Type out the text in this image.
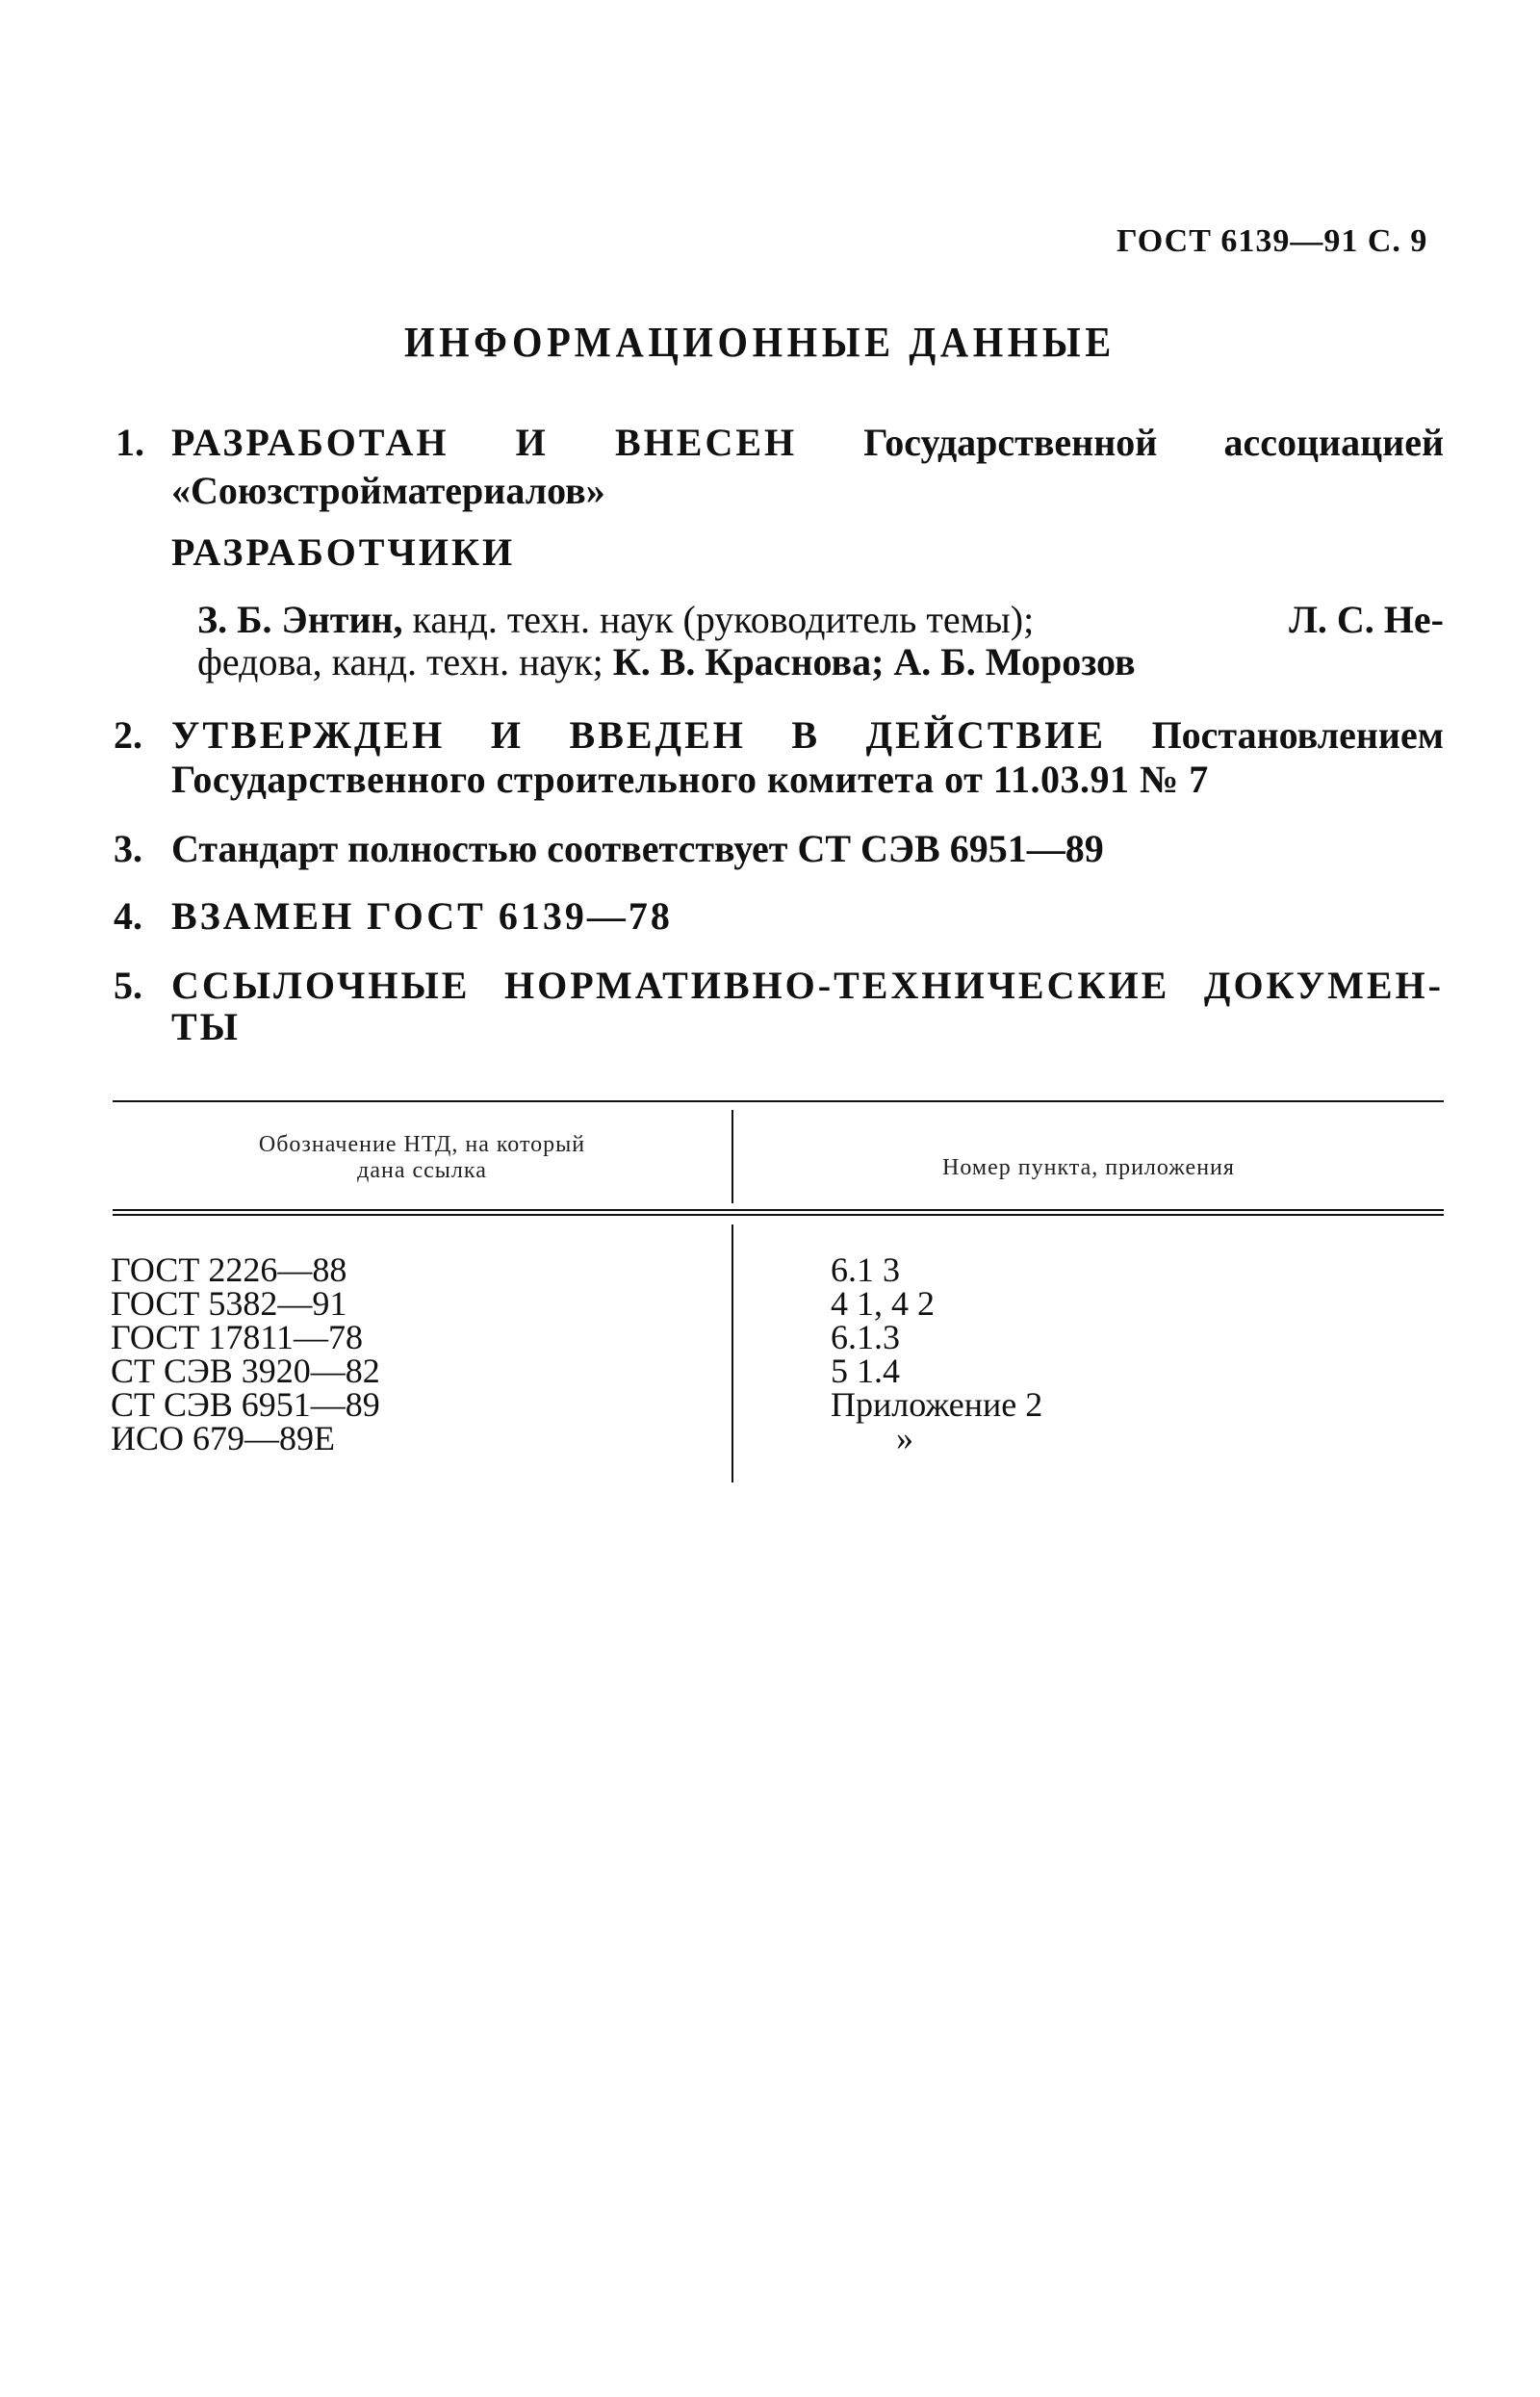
ГОСТ 6139—91 С. 9
ИНФОРМАЦИОННЫЕ ДАННЫЕ
1. РАЗРАБОТАН И ВНЕСЕН Государственной ассоциацией
«Союзстройматериалов»
РАЗРАБОТЧИКИ
З. Б. Энтин, канд. техн. наук (руководитель темы);	Л. С. Не-
федова, канд. техн. наук; К. В. Краснова; А. Б. Морозов
2. УТВЕРЖДЕН И ВВЕДЕН В ДЕЙСТВИЕ Постановлением
Государственного строительного комитета от 11.03.91 № 7
3. Стандарт полностью соответствует СТ СЭВ 6951—89
4. ВЗАМЕН ГОСТ 6139—78
5. ССЫЛОЧНЫЕ НОРМАТИВНО-ТЕХНИЧЕСКИЕ ДОКУМЕН-
ТЫ
Обозначение НТД, на который
дана ссылка	Номер пункта, приложения
ГОСТ 2226—88
ГОСТ 5382—91
ГОСТ 17811—78
СТ СЭВ 3920—82
СТ СЭВ 6951—89
ИСО 679—89Е
6.1 3
4 1, 4 2
6.1.3
5 1.4
Приложение 2
»
